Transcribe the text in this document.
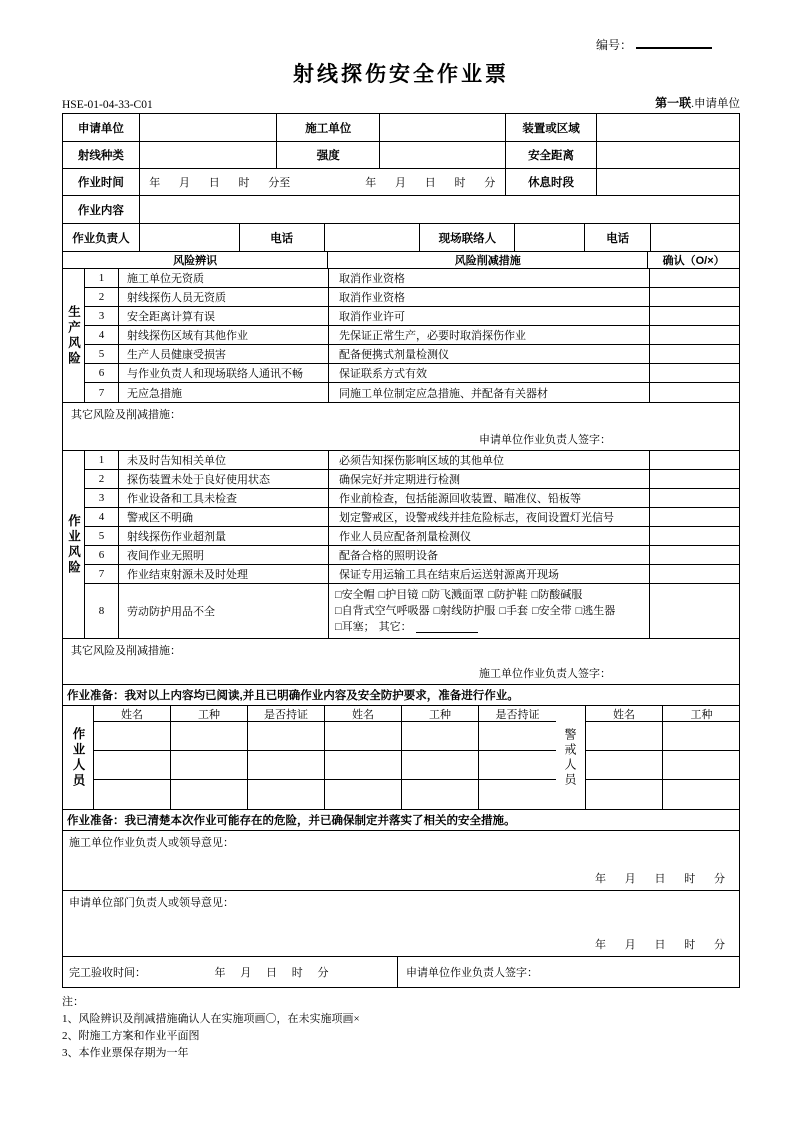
编号：
射线探伤安全作业票
HSE-01-04-33-C01	第一联.申请单位
申请单位	施工单位	装置或区域
射线种类	强度	安全距离
作业时间	年 月 日 时 分至    年 月 日 时 分	休息时段
作业内容
作业负责人	电话	现场联络人	电话
风险辨识	风险削减措施	确认（O/×）
生产风险
1	施工单位无资质	取消作业资格
2	射线探伤人员无资质	取消作业资格
3	安全距离计算有误	取消作业许可
4	射线探伤区域有其他作业	先保证正常生产，必要时取消探伤作业
5	生产人员健康受损害	配备便携式剂量检测仪
6	与作业负责人和现场联络人通讯不畅	保证联系方式有效
7	无应急措施	同施工单位制定应急措施、并配备有关器材
其它风险及削减措施：
申请单位作业负责人签字：
作业风险
1	未及时告知相关单位	必须告知探伤影响区域的其他单位
2	探伤装置未处于良好使用状态	确保完好并定期进行检测
3	作业设备和工具未检查	作业前检查，包括能源回收装置、瞄准仪、铅板等
4	警戒区不明确	划定警戒区，设警戒线并挂危险标志，夜间设置灯光信号
5	射线探伤作业超剂量	作业人员应配备剂量检测仪
6	夜间作业无照明	配备合格的照明设备
7	作业结束射源未及时处理	保证专用运输工具在结束后运送射源离开现场
8	劳动防护用品不全
□安全帽 □护目镜 □防飞溅面罩 □防护鞋 □防酸碱服
□自背式空气呼吸器 □射线防护服 □手套 □安全带 □逃生器
□耳塞； 其它：
其它风险及削减措施：
施工单位作业负责人签字：
作业准备：我对以上内容均已阅读,并且已明确作业内容及安全防护要求，准备进行作业。
作业人员
姓名	工种	是否持证	姓名	工种	是否持证
警戒人员
姓名	工种
作业准备：我已清楚本次作业可能存在的危险，并已确保制定并落实了相关的安全措施。
施工单位作业负责人或领导意见：
年 月 日 时 分
申请单位部门负责人或领导意见：
年 月 日 时 分
完工验收时间：	年 月 日 时 分	申请单位作业负责人签字：
注：
1、风险辨识及削减措施确认人在实施项画〇，在未实施项画×
2、附施工方案和作业平面图
3、本作业票保存期为一年
